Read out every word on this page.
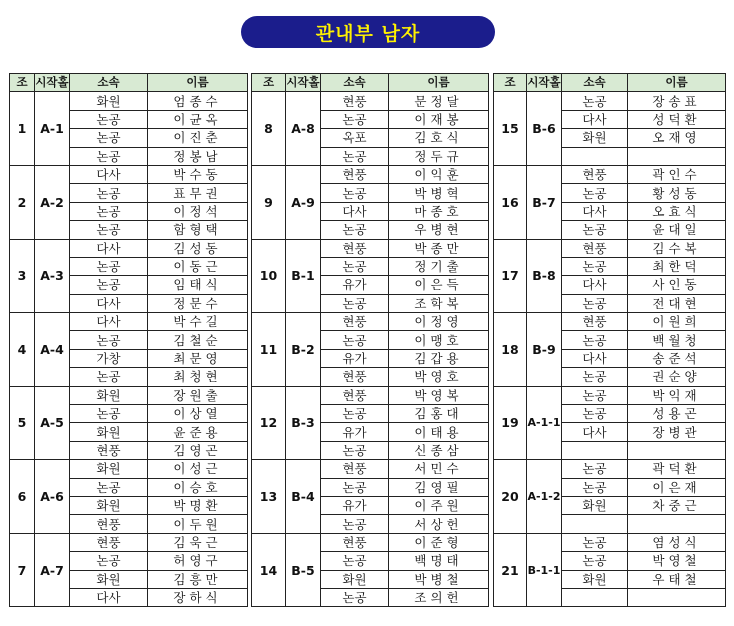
관내부 남자
조	시작홀	소속	이름
1	A-1	화원	엄종수
		논공	이균옥
		논공	이진춘
		논공	정봉남
2	A-2	다사	박수동
		논공	표무권
		논공	이정석
		논공	함형택
3	A-3	다사	김성동
		논공	이동근
		논공	임태식
		다사	정문수
4	A-4	다사	박수길
		논공	김철순
		가창	최문영
		논공	최청현
5	A-5	화원	장원출
		논공	이상열
		화원	윤준용
		현풍	김영곤
6	A-6	화원	이성근
		논공	이승호
		화원	박명환
		현풍	이두원
7	A-7	현풍	김욱근
		논공	허영구
		화원	김흥만
		다사	장하식
조	시작홀	소속	이름
8	A-8	현풍	문정달
		논공	이재봉
		옥포	김호식
		논공	정두규
9	A-9	현풍	이익훈
		논공	박병혁
		다사	마종호
		논공	우병현
10	B-1	현풍	박종만
		논공	정기출
		유가	이은득
		논공	조학복
11	B-2	현풍	이정영
		논공	이맹호
		유가	김갑용
		현풍	박영호
12	B-3	현풍	박영복
		논공	김홍대
		유가	이태용
		논공	신종삼
13	B-4	현풍	서민수
		논공	김영필
		유가	이주원
		논공	서상헌
14	B-5	현풍	이준형
		논공	백명태
		화원	박병철
		논공	조의헌
조	시작홀	소속	이름
15	B-6	논공	장송표
		다사	성덕환
		화원	오재영

16	B-7	현풍	곽인수
		논공	황성동
		다사	오효식
		논공	윤대일
17	B-8	현풍	김수복
		논공	최한덕
		다사	사인동
		논공	전대현
18	B-9	현풍	이원희
		논공	백월청
		다사	송준석
		논공	권순양
19	A-1-1	논공	박익재
		논공	성용곤
		다사	장병관

20	A-1-2	논공	곽덕환
		논공	이은재
		화원	차중근

21	B-1-1	논공	염성식
		논공	박영철
		화원	우태철
